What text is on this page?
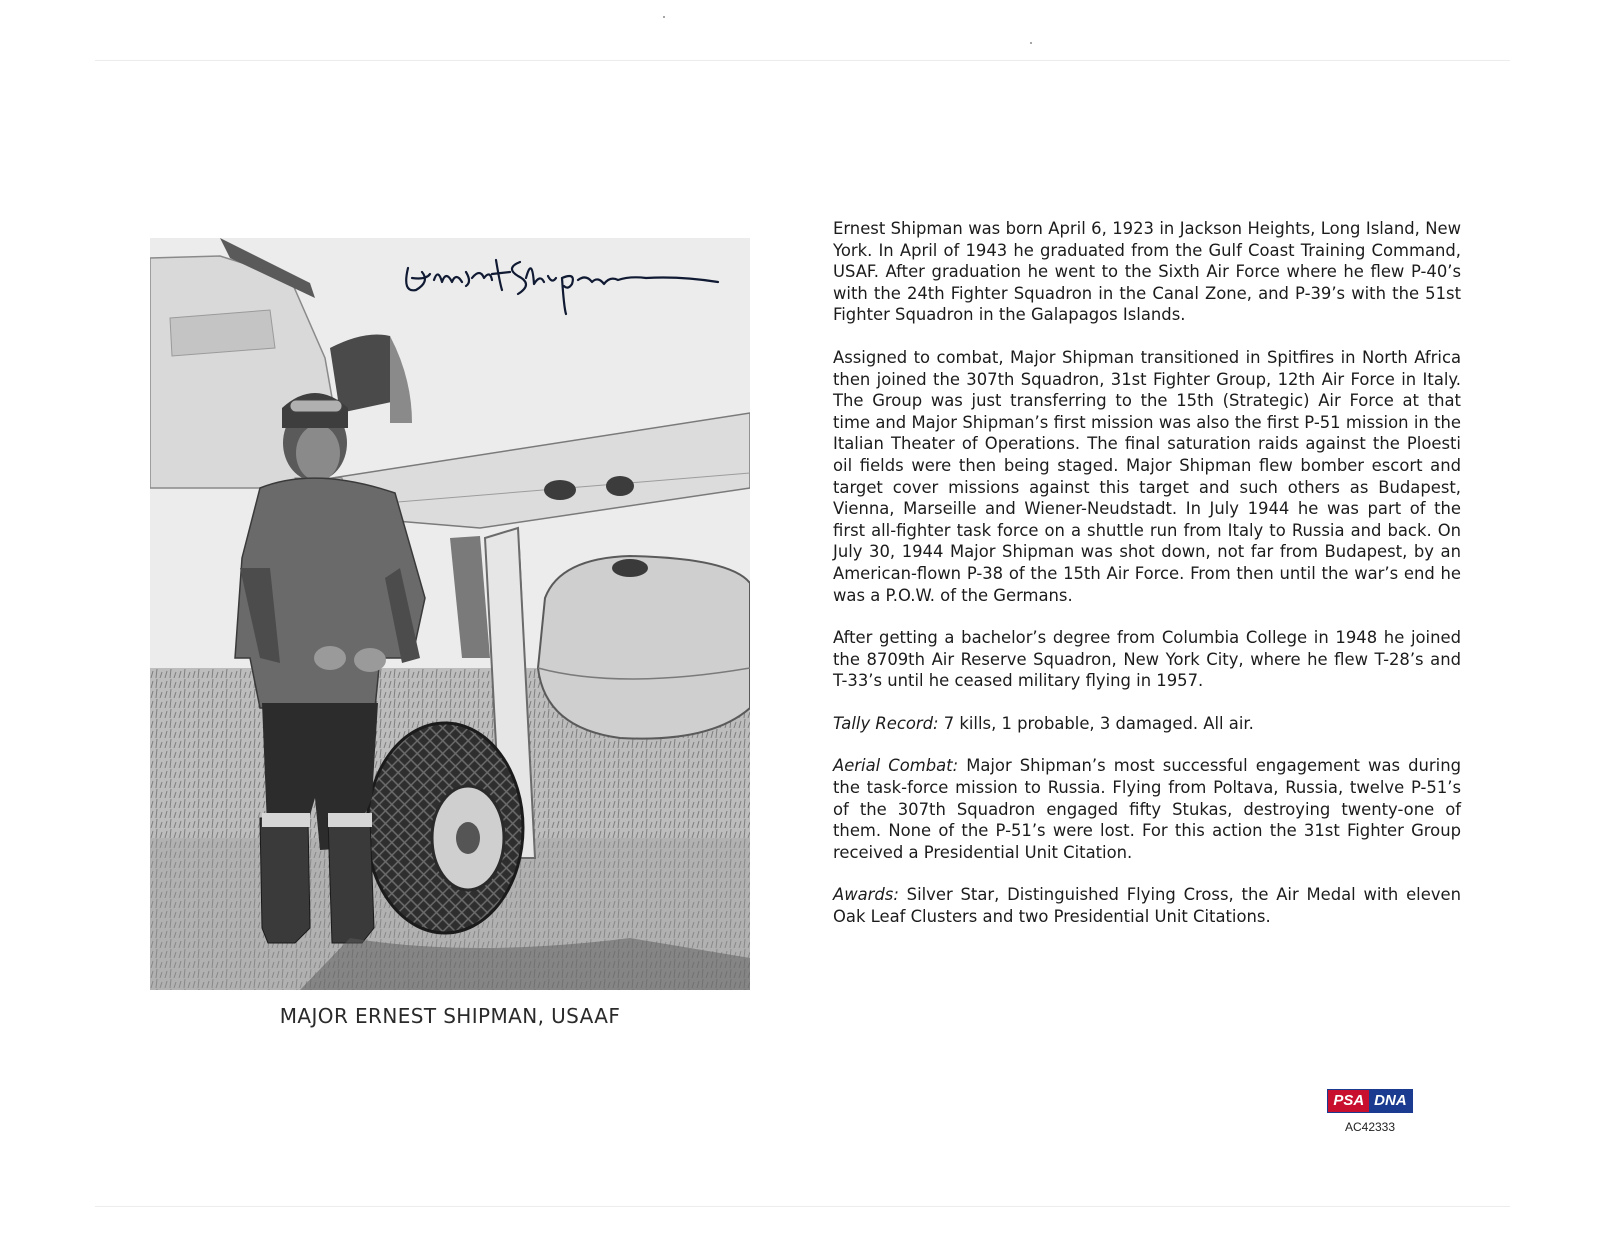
MAJOR ERNEST SHIPMAN, USAAF

Ernest Shipman was born April 6, 1923 in Jackson Heights, Long Island, New York. In April of 1943 he graduated from the Gulf Coast Training Command, USAF. After graduation he went to the Sixth Air Force where he flew P-40’s with the 24th Fighter Squadron in the Canal Zone, and P-39’s with the 51st Fighter Squadron in the Galapagos Islands.

Assigned to combat, Major Shipman transitioned in Spitfires in North Africa then joined the 307th Squadron, 31st Fighter Group, 12th Air Force in Italy. The Group was just transferring to the 15th (Strategic) Air Force at that time and Major Shipman’s first mission was also the first P-51 mission in the Italian Theater of Operations. The final saturation raids against the Ploesti oil fields were then being staged. Major Shipman flew bomber escort and target cover missions against this target and such others as Budapest, Vienna, Marseille and Wiener-Neudstadt. In July 1944 he was part of the first all-fighter task force on a shuttle run from Italy to Russia and back. On July 30, 1944 Major Shipman was shot down, not far from Budapest, by an American-flown P-38 of the 15th Air Force. From then until the war’s end he was a P.O.W. of the Germans.

After getting a bachelor’s degree from Columbia College in 1948 he joined the 8709th Air Reserve Squadron, New York City, where he flew T-28’s and T-33’s until he ceased military flying in 1957.

Tally Record: 7 kills, 1 probable, 3 damaged. All air.

Aerial Combat: Major Shipman’s most successful engagement was during the task-force mission to Russia. Flying from Poltava, Russia, twelve P-51’s of the 307th Squadron engaged fifty Stukas, destroying twenty-one of them. None of the P-51’s were lost. For this action the 31st Fighter Group received a Presidential Unit Citation.

Awards: Silver Star, Distinguished Flying Cross, the Air Medal with eleven Oak Leaf Clusters and two Presidential Unit Citations.

PSA DNA
AC42333
